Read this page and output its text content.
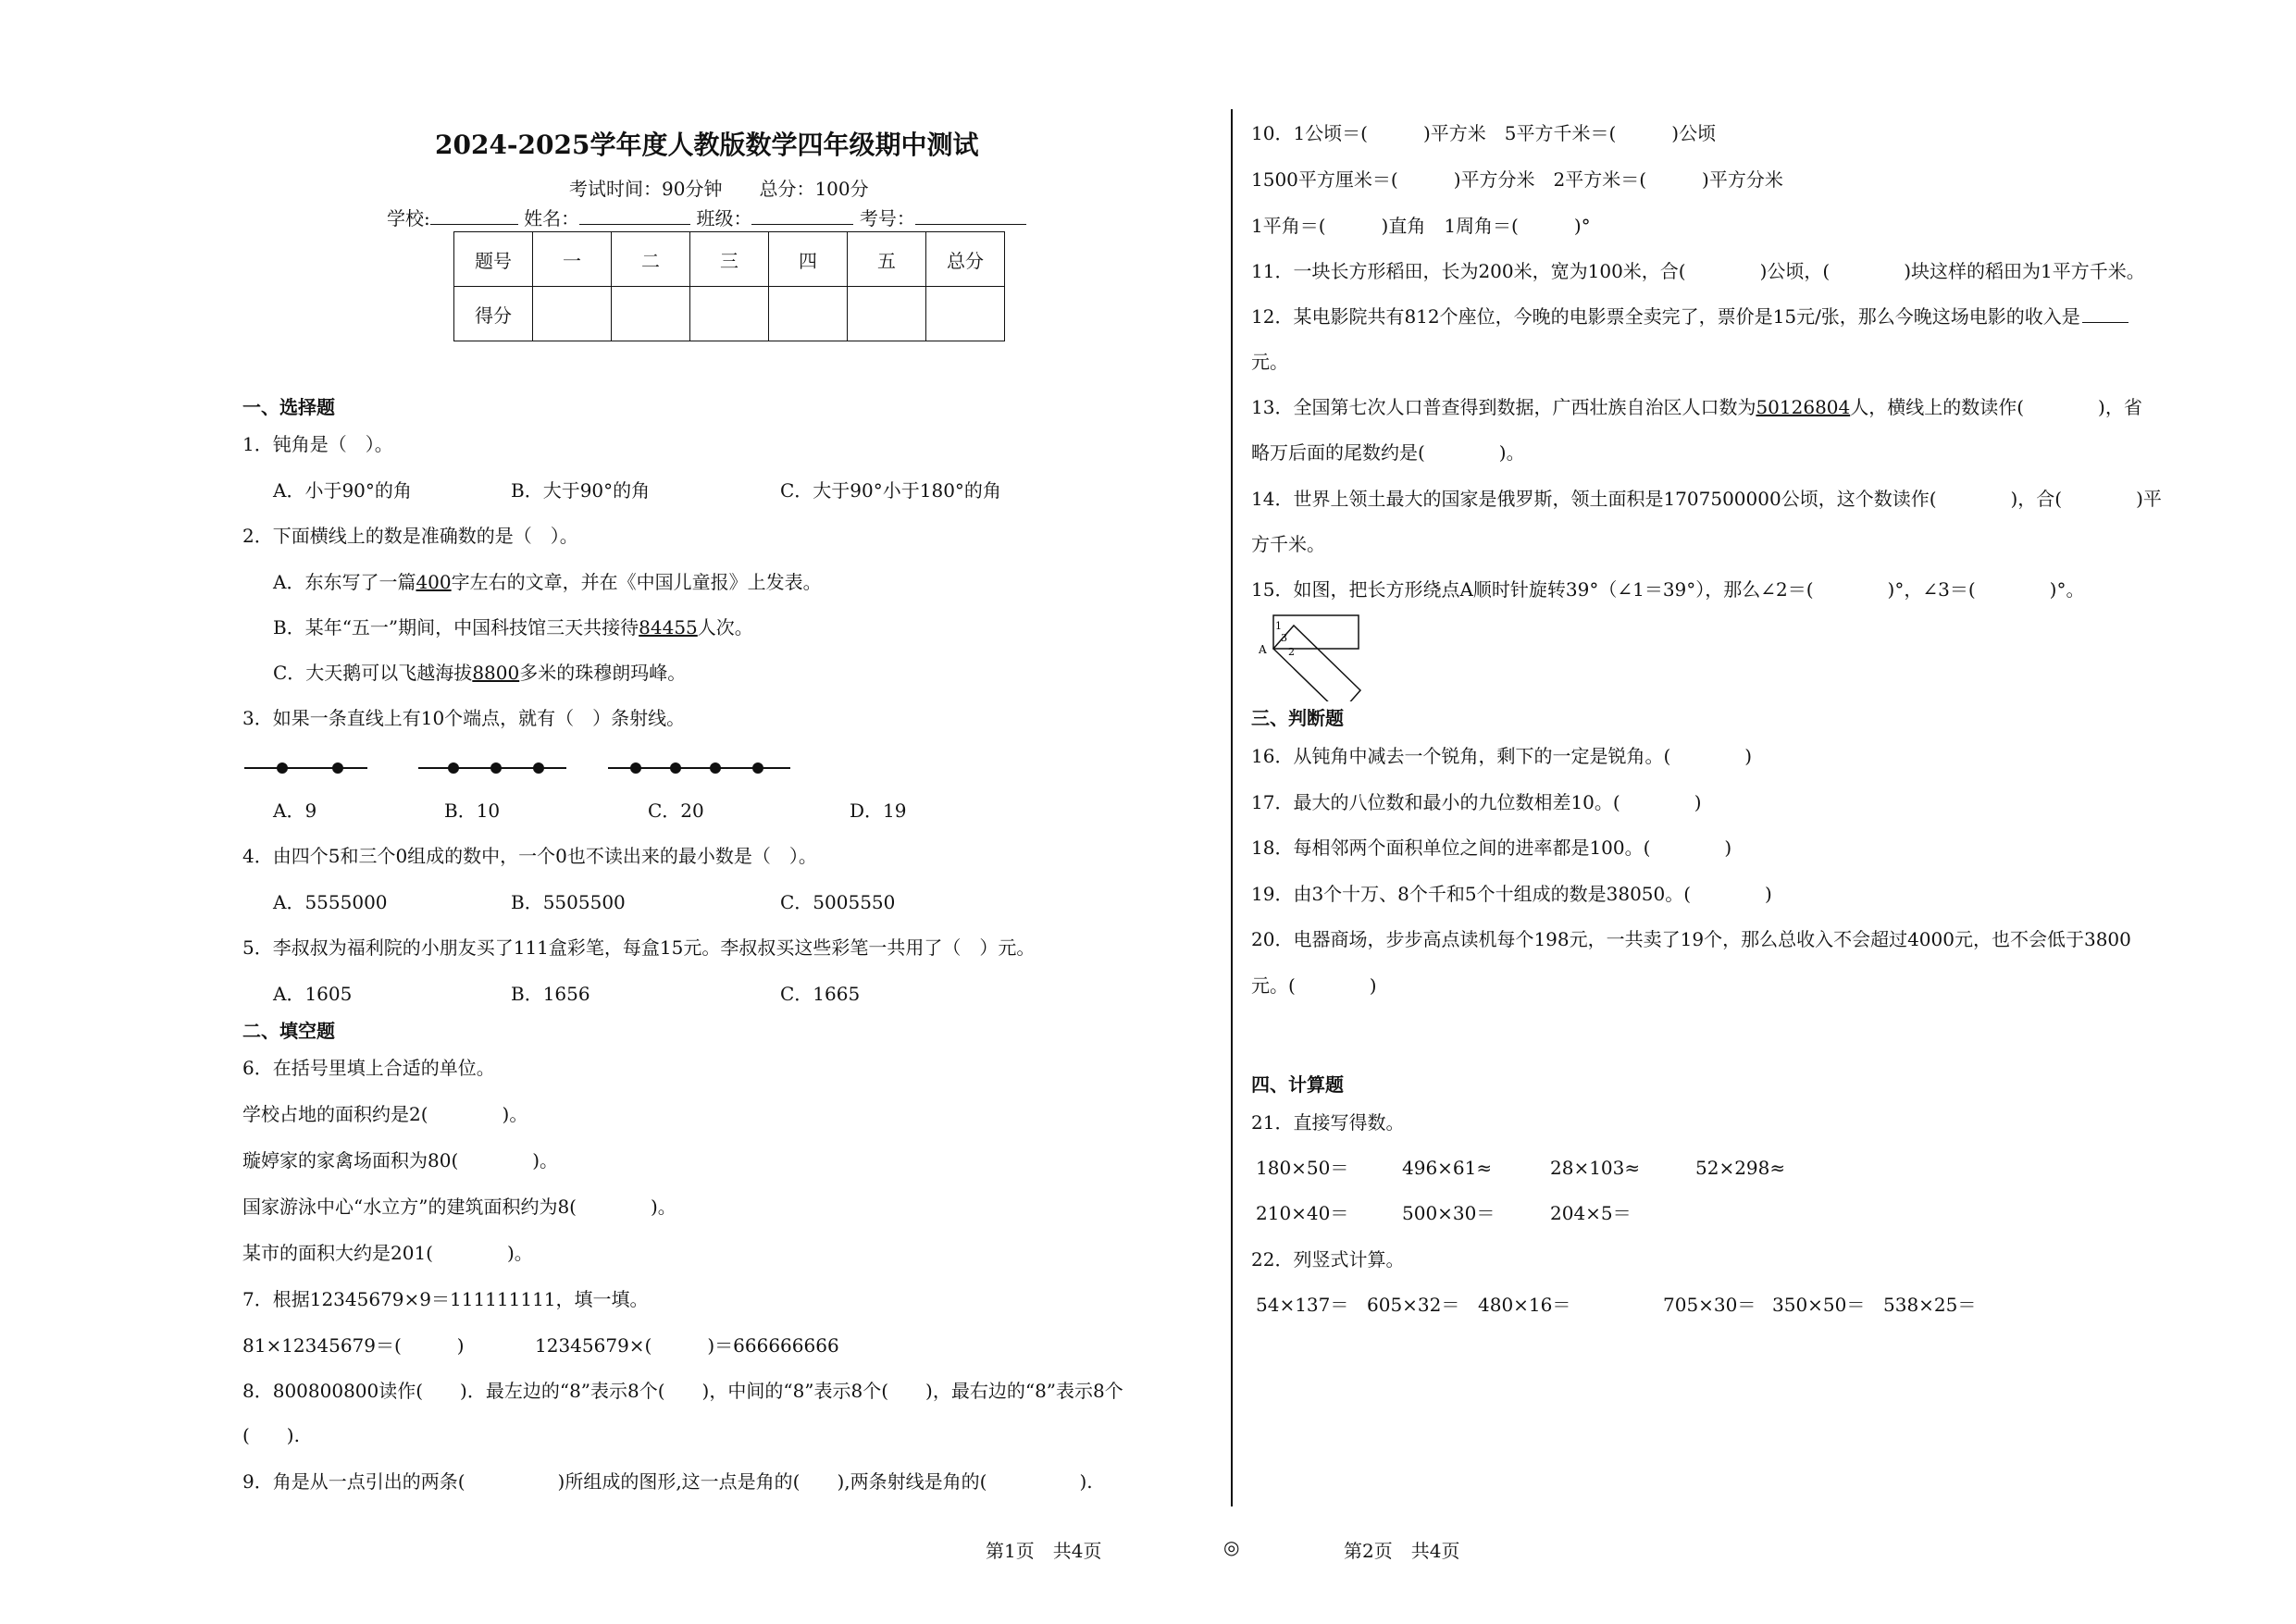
2024-2025学年度人教版数学四年级期中测试
考试时间：90分钟　　总分：100分
学校:	姓名：	班级：	考号：
题号	一	二	三	四	五	总分
得分						
一、选择题
1．钝角是（　）。
A．小于90°的角	B．大于90°的角	C．大于90°小于180°的角
2．下面横线上的数是准确数的是（　）。
A．东东写了一篇400字左右的文章，并在《中国儿童报》上发表。
B．某年“五一”期间，中国科技馆三天共接待84455人次。
C．大天鹅可以飞越海拔8800多米的珠穆朗玛峰。
3．如果一条直线上有10个端点，就有（　）条射线。
A．9	B．10	C．20	D．19
4．由四个5和三个0组成的数中，一个0也不读出来的最小数是（　）。
A．5555000	B．5505500	C．5005550
5．李叔叔为福利院的小朋友买了111盒彩笔，每盒15元。李叔叔买这些彩笔一共用了（　）元。
A．1605	B．1656	C．1665
二、填空题
6．在括号里填上合适的单位。
学校占地的面积约是2(　　　　)。
璇婷家的家禽场面积为80(　　　　)。
国家游泳中心“水立方”的建筑面积约为8(　　　　)。
某市的面积大约是201(　　　　)。
7．根据12345679×9＝111111111，填一填。
81×12345679＝(　　　)	12345679×(　　　)＝666666666
8．800800800读作(　　)．最左边的“8”表示8个(　　)，中间的“8”表示8个(　　)，最右边的“8”表示8个
(　　).
9．角是从一点引出的两条(　　　　　)所组成的图形,这一点是角的(　　),两条射线是角的(　　　　　).
10．1公顷＝(　　　)平方米　5平方千米＝(　　　)公顷
1500平方厘米＝(　　　)平方分米　2平方米＝(　　　)平方分米
1平角＝(　　　)直角　1周角＝(　　　)°
11．一块长方形稻田，长为200米，宽为100米，合(　　　　)公顷，(　　　　)块这样的稻田为1平方千米。
12．某电影院共有812个座位，今晚的电影票全卖完了，票价是15元/张，那么今晚这场电影的收入是
元。
13．全国第七次人口普查得到数据，广西壮族自治区人口数为50126804人，横线上的数读作(　　　　)，省
略万后面的尾数约是(　　　　)。
14．世界上领土最大的国家是俄罗斯，领土面积是1707500000公顷，这个数读作(　　　　)，合(　　　　)平
方千米。
15．如图，把长方形绕点A顺时针旋转39°（∠1＝39°），那么∠2＝(　　　　)°，∠3＝(　　　　)°。
A
1
3
2
三、判断题
16．从钝角中减去一个锐角，剩下的一定是锐角。(　　　　)
17．最大的八位数和最小的九位数相差10。(　　　　)
18．每相邻两个面积单位之间的进率都是100。(　　　　)
19．由3个十万、8个千和5个十组成的数是38050。(　　　　)
20．电器商场，步步高点读机每个198元，一共卖了19个，那么总收入不会超过4000元，也不会低于3800
元。(　　　　)
四、计算题
21．直接写得数。
180×50＝	496×61≈	28×103≈	52×298≈
210×40＝	500×30＝	204×5＝
22．列竖式计算。
54×137＝ 605×32＝ 480×16＝	705×30＝ 350×50＝ 538×25＝
第1页　共4页	◎	第2页　共4页
